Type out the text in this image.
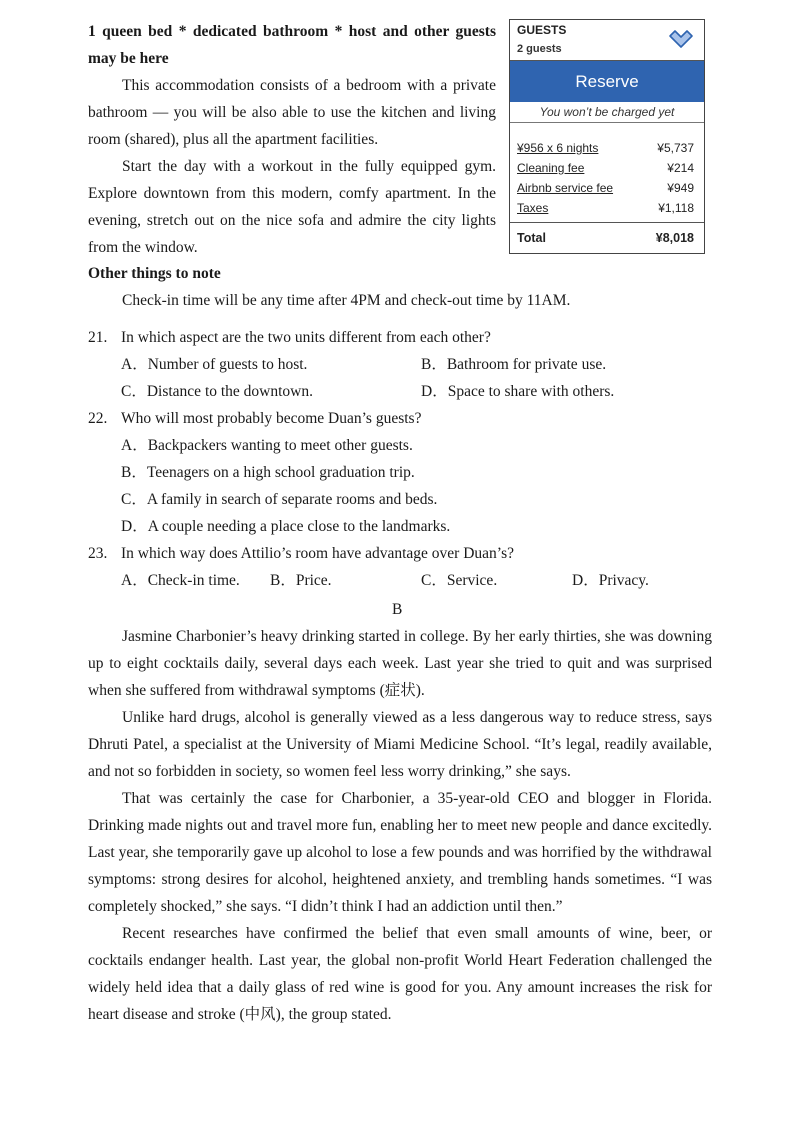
1 queen bed * dedicated bathroom * host and other guests may be here

This accommodation consists of a bedroom with a private bathroom — you will be also able to use the kitchen and living room (shared), plus all the apartment facilities.

Start the day with a workout in the fully equipped gym. Explore downtown from this modern, comfy apartment. In the evening, stretch out on the nice sofa and admire the city lights from the window.

GUESTS
2 guests
Reserve
You won’t be charged yet
¥956 x 6 nights	¥5,737
Cleaning fee	¥214
Airbnb service fee	¥949
Taxes	¥1,118
Total	¥8,018
Other things to note

Check-in time will be any time after 4PM and check-out time by 11AM.

21. In which aspect are the two units different from each other?
A．Number of guests to host.	B．Bathroom for private use.
C．Distance to the downtown.	D．Space to share with others.
22. Who will most probably become Duan’s guests?
A．Backpackers wanting to meet other guests.
B．Teenagers on a high school graduation trip.
C．A family in search of separate rooms and beds.
D．A couple needing a place close to the landmarks.
23. In which way does Attilio’s room have advantage over Duan’s?
A．Check-in time. B．Price.	C．Service.	D．Privacy.
B

Jasmine Charbonier’s heavy drinking started in college. By her early thirties, she was downing up to eight cocktails daily, several days each week. Last year she tried to quit and was surprised when she suffered from withdrawal symptoms (症状).

Unlike hard drugs, alcohol is generally viewed as a less dangerous way to reduce stress, says Dhruti Patel, a specialist at the University of Miami Medicine School. “It’s legal, readily available, and not so forbidden in society, so women feel less worry drinking,” she says.

That was certainly the case for Charbonier, a 35-year-old CEO and blogger in Florida. Drinking made nights out and travel more fun, enabling her to meet new people and dance excitedly. Last year, she temporarily gave up alcohol to lose a few pounds and was horrified by the withdrawal symptoms: strong desires for alcohol, heightened anxiety, and trembling hands sometimes. “I was completely shocked,” she says. “I didn’t think I had an addiction until then.”

Recent researches have confirmed the belief that even small amounts of wine, beer, or cocktails endanger health. Last year, the global non-profit World Heart Federation challenged the widely held idea that a daily glass of red wine is good for you. Any amount increases the risk for heart disease and stroke (中风), the group stated.
